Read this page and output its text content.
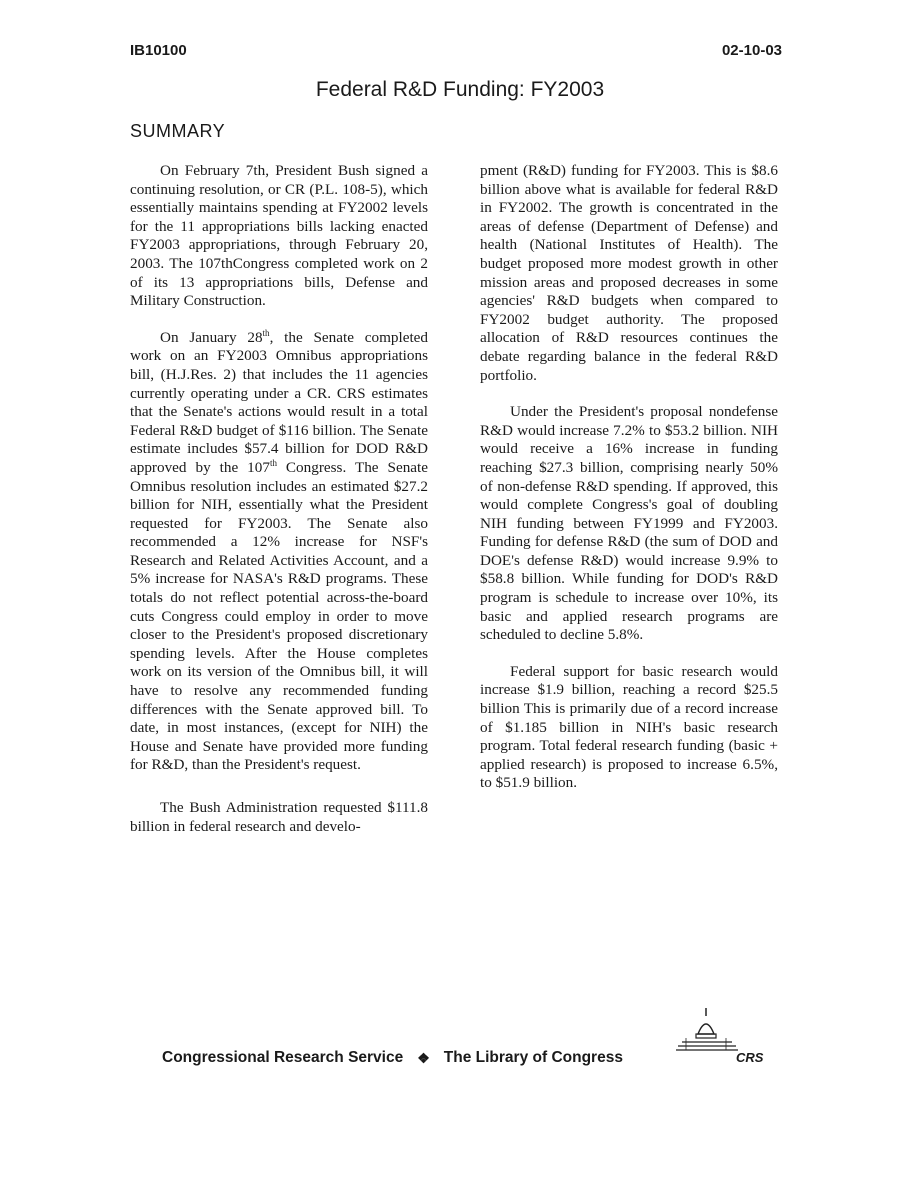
IB10100	02-10-03
Federal R&D Funding: FY2003
SUMMARY

On February 7th, President Bush signed a continuing resolution, or CR (P.L. 108-5), which essentially maintains spending at FY2002 levels for the 11 appropriations bills lacking enacted FY2003 appropriations, through February 20, 2003. The 107thCongress completed work on 2 of its 13 appropriations bills, Defense and Military Construction.

On January 28th, the Senate completed work on an FY2003 Omnibus appropriations bill, (H.J.Res. 2) that includes the 11 agencies currently operating under a CR. CRS estimates that the Senate's actions would result in a total Federal R&D budget of $116 billion. The Senate estimate includes $57.4 billion for DOD R&D approved by the 107th Congress. The Senate Omnibus resolution includes an estimated $27.2 billion for NIH, essentially what the President requested for FY2003. The Senate also recommended a 12% increase for NSF's Research and Related Activities Account, and a 5% increase for NASA's R&D programs. These totals do not reflect potential across-the-board cuts Congress could employ in order to move closer to the President's proposed discretionary spending levels. After the House completes work on its version of the Omnibus bill, it will have to resolve any recommended funding differences with the Senate approved bill. To date, in most instances, (except for NIH) the House and Senate have provided more funding for R&D, than the President's request.

The Bush Administration requested $111.8 billion in federal research and develo-

pment (R&D) funding for FY2003. This is $8.6 billion above what is available for federal R&D in FY2002. The growth is concentrated in the areas of defense (Department of Defense) and health (National Institutes of Health). The budget proposed more modest growth in other mission areas and proposed decreases in some agencies' R&D budgets when compared to FY2002 budget authority. The proposed allocation of R&D resources continues the debate regarding balance in the federal R&D portfolio.

Under the President's proposal nondefense R&D would increase 7.2% to $53.2 billion. NIH would receive a 16% increase in funding reaching $27.3 billion, comprising nearly 50% of non-defense R&D spending. If approved, this would complete Congress's goal of doubling NIH funding between FY1999 and FY2003. Funding for defense R&D (the sum of DOD and DOE's defense R&D) would increase 9.9% to $58.8 billion. While funding for DOD's R&D program is schedule to increase over 10%, its basic and applied research programs are scheduled to decline 5.8%.

Federal support for basic research would increase $1.9 billion, reaching a record $25.5 billion This is primarily due of a record increase of $1.185 billion in NIH's basic research program. Total federal research funding (basic + applied research) is proposed to increase 6.5%, to $51.9 billion.

Congressional Research Service ❖ The Library of Congress	CRS
